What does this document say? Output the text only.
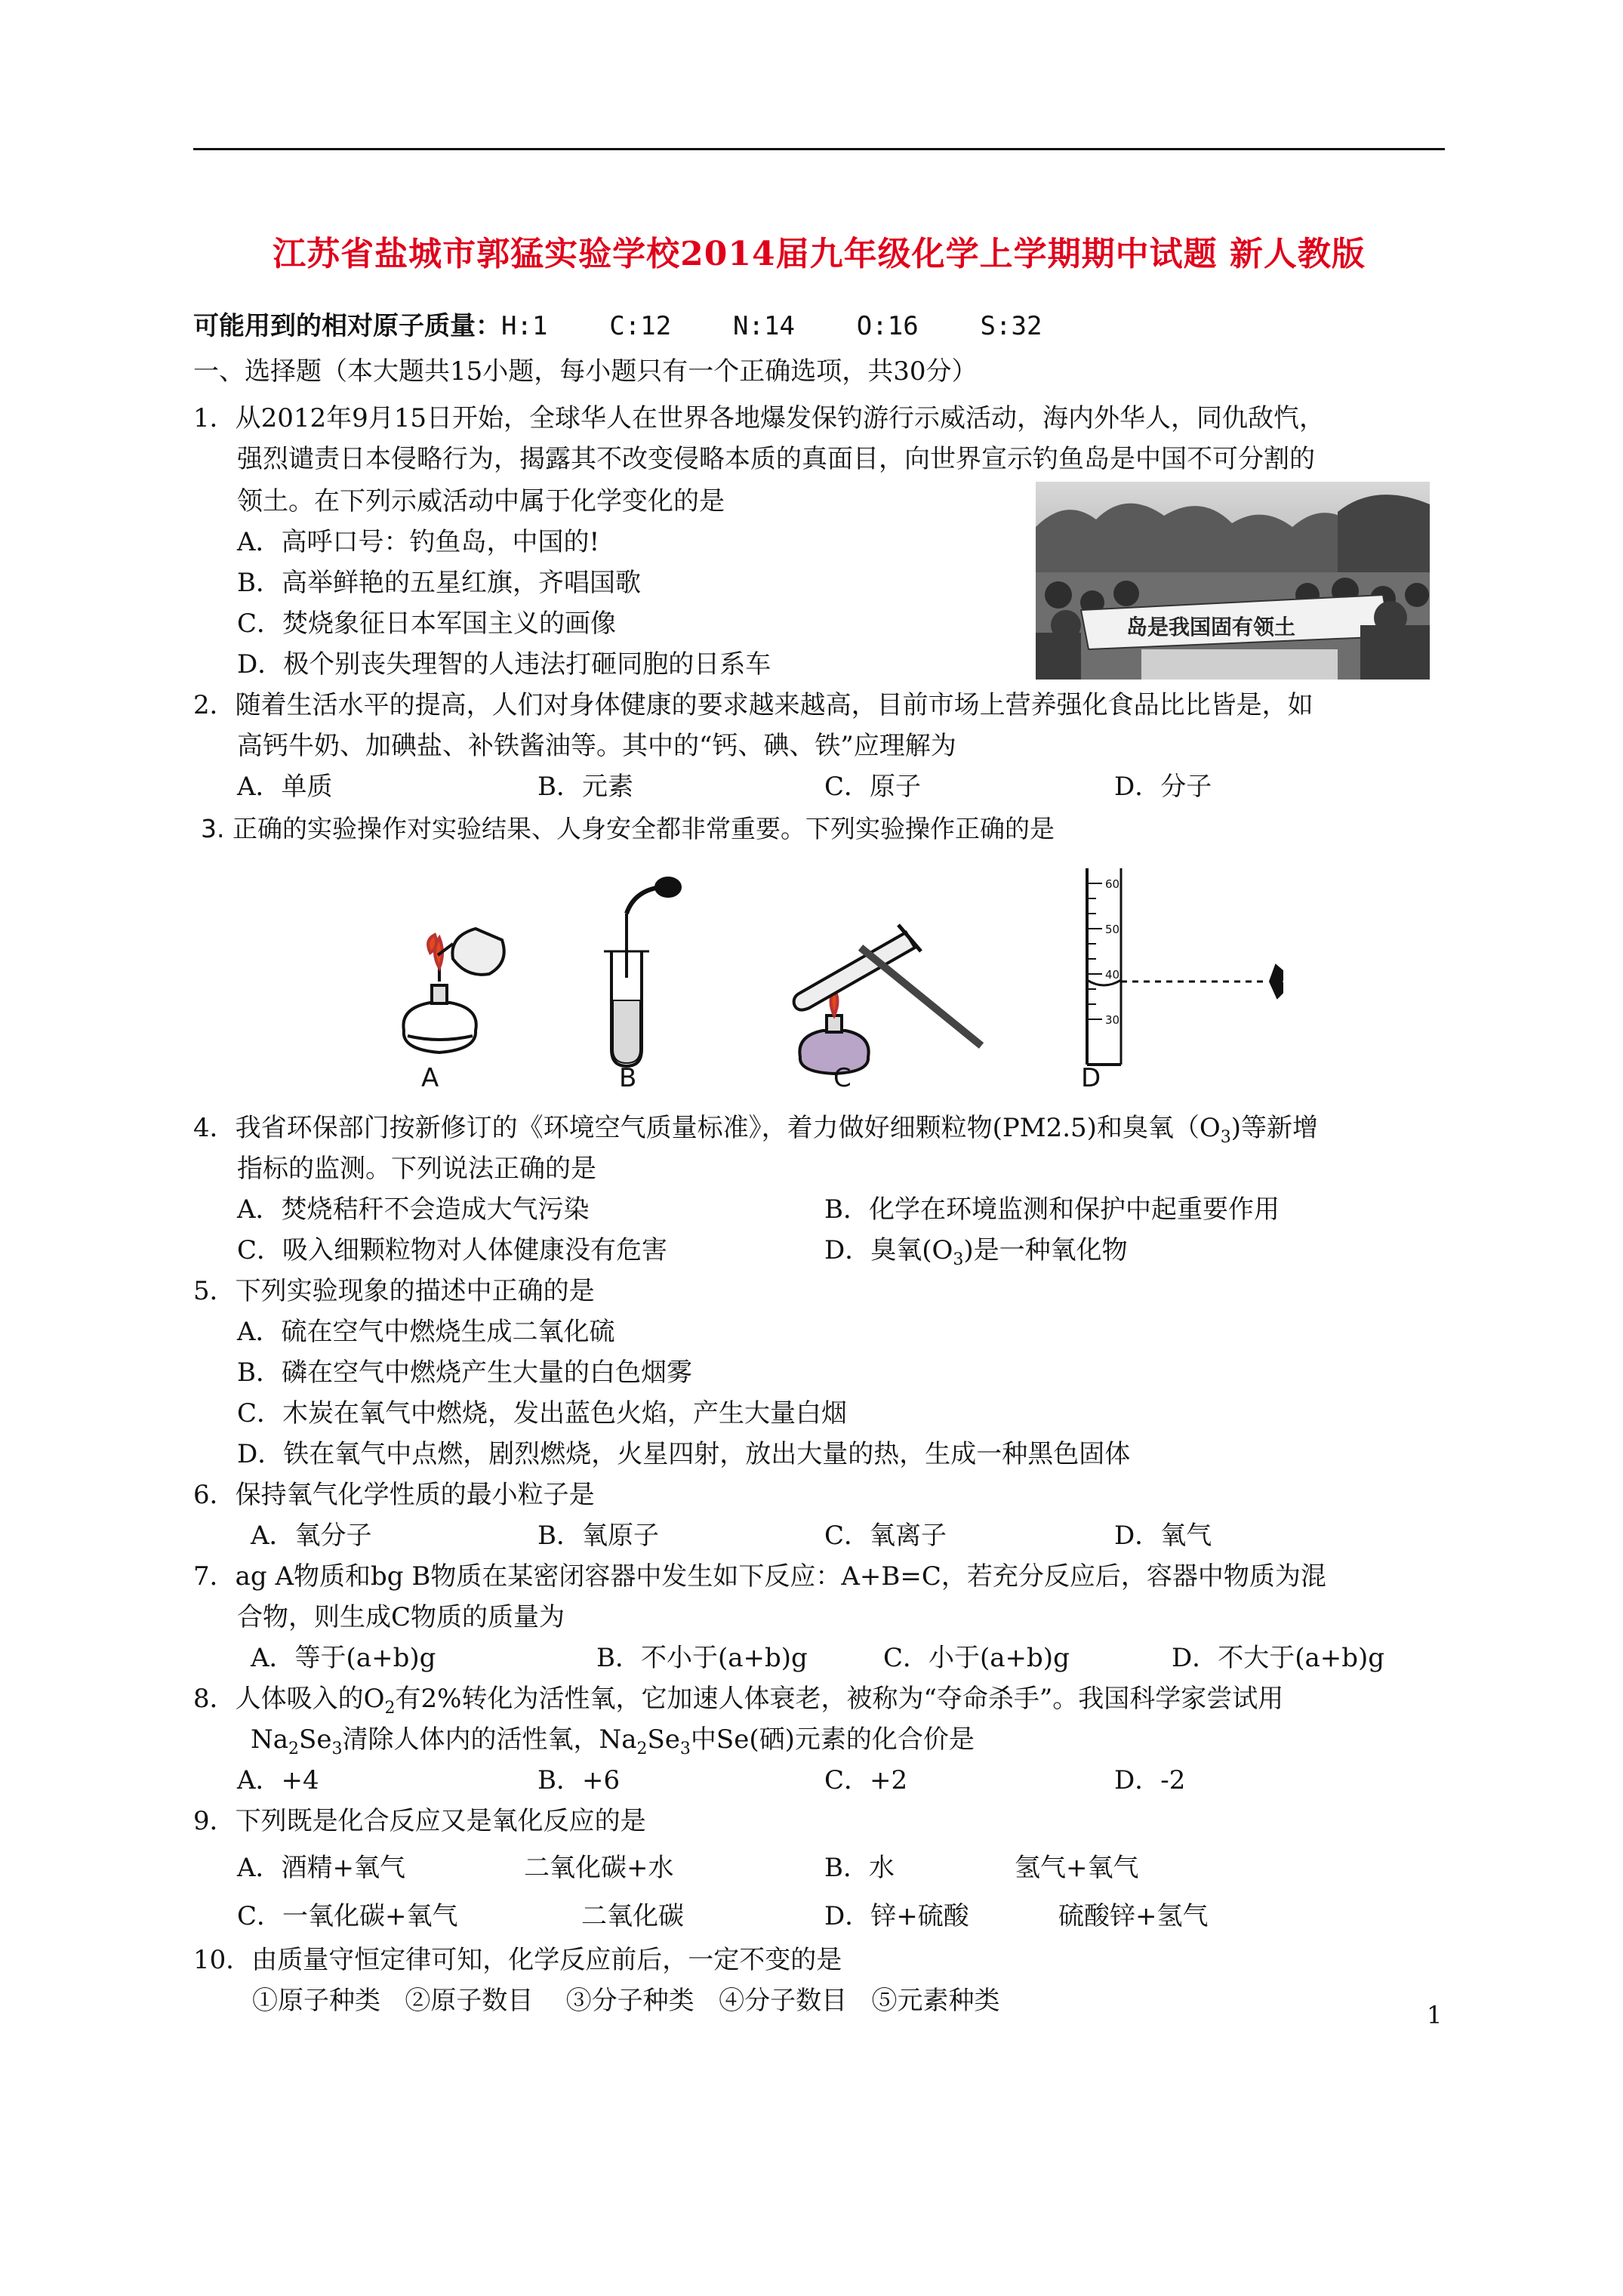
江苏省盐城市郭猛实验学校2014届九年级化学上学期期中试题 新人教版
可能用到的相对原子质量：H:1    C:12    N:14    O:16    S:32
一、选择题（本大题共15小题，每小题只有一个正确选项，共30分）
1．从2012年9月15日开始，全球华人在世界各地爆发保钓游行示威活动，海内外华人，同仇敌忾，
强烈谴责日本侵略行为，揭露其不改变侵略本质的真面目，向世界宣示钓鱼岛是中国不可分割的
领土。在下列示威活动中属于化学变化的是
A．高呼口号：钓鱼岛，中国的!
B．高举鲜艳的五星红旗，齐唱国歌
C．焚烧象征日本军国主义的画像
D．极个别丧失理智的人违法打砸同胞的日系车
岛是我国固有领土
2．随着生活水平的提高，人们对身体健康的要求越来越高，目前市场上营养强化食品比比皆是，如
高钙牛奶、加碘盐、补铁酱油等。其中的“钙、碘、铁”应理解为
A．单质	B．元素	C．原子	D．分子
3. 正确的实验操作对实验结果、人身安全都非常重要。下列实验操作正确的是
60
50
40
30
A	B	C	D
4．我省环保部门按新修订的《环境空气质量标准》，着力做好细颗粒物(PM2.5)和臭氧$(O_3)$等新增
指标的监测。下列说法正确的是
A．焚烧秸秆不会造成大气污染	B．化学在环境监测和保护中起重要作用
C．吸入细颗粒物对人体健康没有危害	D．臭氧$(O_3)$是一种氧化物
5．下列实验现象的描述中正确的是
A．硫在空气中燃烧生成二氧化硫
B．磷在空气中燃烧产生大量的白色烟雾
C．木炭在氧气中燃烧，发出蓝色火焰，产生大量白烟
D．铁在氧气中点燃，剧烈燃烧，火星四射，放出大量的热，生成一种黑色固体
6．保持氧气化学性质的最小粒子是
A．氧分子	B．氧原子	C．氧离子	D．氧气
7．ag A物质和bg B物质在某密闭容器中发生如下反应：A+B=C，若充分反应后，容器中物质为混
合物，则生成C物质的质量为
A．等于(a+b)g	B．不小于(a+b)g	C．小于(a+b)g	D．不大于(a+b)g
8．人体吸入的$O_2$有2%转化为活性氧，它加速人体衰老，被称为“夺命杀手”。我国科学家尝试用
$Na_2Se_3$清除人体内的活性氧，$Na_2Se_3$中Se(硒)元素的化合价是
A．+4	B．+6	C．+2	D．-2
9．下列既是化合反应又是氧化反应的是
A．酒精+氧气	二氧化碳+水	B．水	氢气+氧气
C．一氧化碳+氧气	二氧化碳	D．锌+硫酸	硫酸锌+氢气
10．由质量守恒定律可知，化学反应前后，一定不变的是
①原子种类   ②原子数目    ③分子种类   ④分子数目   ⑤元素种类	1
